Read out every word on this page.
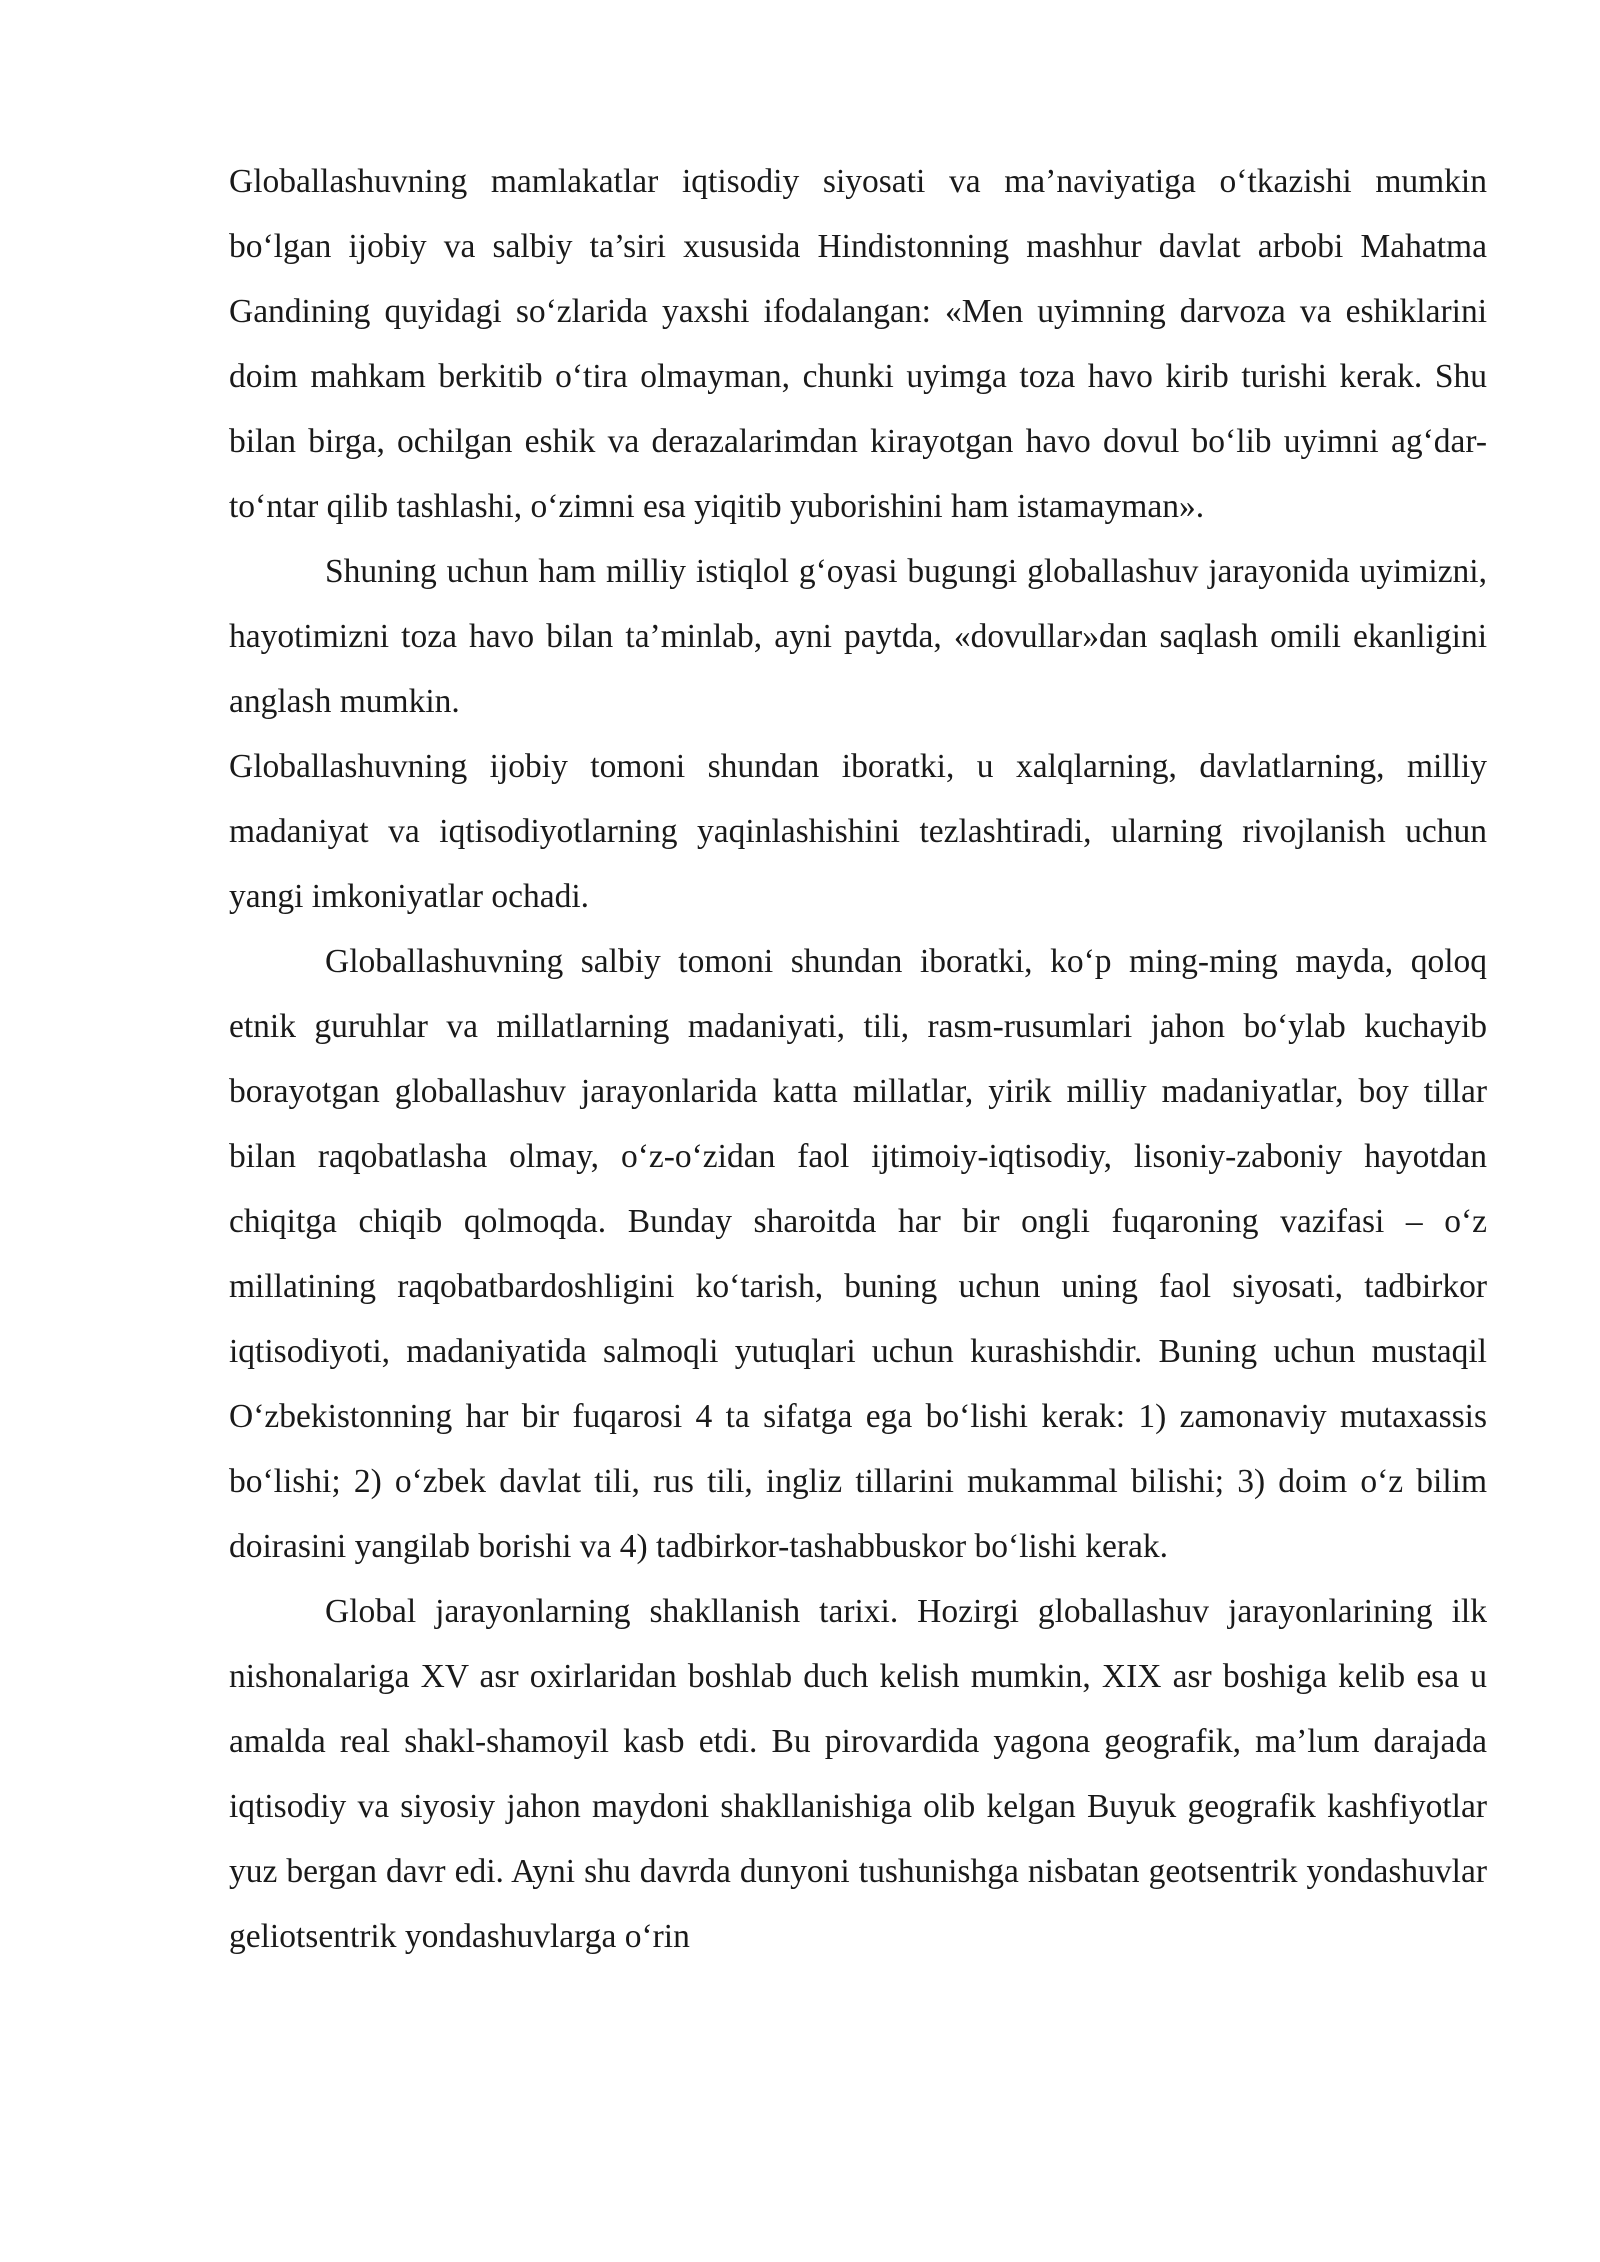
Globallashuvning mamlakatlar iqtisodiy siyosati va ma’naviyatiga o‘tkazishi mumkin bo‘lgan ijobiy va salbiy ta’siri xususida Hindistonning mashhur davlat arbobi Mahatma Gandining quyidagi so‘zlarida yaxshi ifodalangan: «Men uyimning darvoza va eshiklarini doim mahkam berkitib o‘tira olmayman, chunki uyimga toza havo kirib turishi kerak. Shu bilan birga, ochilgan eshik va derazalarimdan kirayotgan havo dovul bo‘lib uyimni ag‘dar-to‘ntar qilib tashlashi, o‘zimni esa yiqitib yuborishini ham istamayman».

Shuning uchun ham milliy istiqlol g‘oyasi bugungi globallashuv jarayonida uyimizni, hayotimizni toza havo bilan ta’minlab, ayni paytda, «dovullar»dan saqlash omili ekanligini anglash mumkin.

Globallashuvning ijobiy tomoni shundan iboratki, u xalqlarning, davlatlarning, milliy madaniyat va iqtisodiyotlarning yaqinlashishini tezlashtiradi, ularning rivojlanish uchun yangi imkoniyatlar ochadi.

Globallashuvning salbiy tomoni shundan iboratki, ko‘p ming-ming mayda, qoloq etnik guruhlar va millatlarning madaniyati, tili, rasm-rusumlari jahon bo‘ylab kuchayib borayotgan globallashuv jarayonlarida katta millatlar, yirik milliy madaniyatlar, boy tillar bilan raqobatlasha olmay, o‘z-o‘zidan faol ijtimoiy-iqtisodiy, lisoniy-zaboniy hayotdan chiqitga chiqib qolmoqda. Bunday sharoitda har bir ongli fuqaroning vazifasi – o‘z millatining raqobatbardoshligini ko‘tarish, buning uchun uning faol siyosati, tadbirkor iqtisodiyoti, madaniyatida salmoqli yutuqlari uchun kurashishdir. Buning uchun mustaqil O‘zbekistonning har bir fuqarosi 4 ta sifatga ega bo‘lishi kerak: 1) zamonaviy mutaxassis bo‘lishi; 2) o‘zbek davlat tili, rus tili, ingliz tillarini mukammal bilishi; 3) doim o‘z bilim doirasini yangilab borishi va 4) tadbirkor-tashabbuskor bo‘lishi kerak.

Global jarayonlarning shakllanish tarixi. Hozirgi globallashuv jarayonlarining ilk nishonalariga XV asr oxirlaridan boshlab duch kelish mumkin, XIX asr boshiga kelib esa u amalda real shakl-shamoyil kasb etdi. Bu pirovardida yagona geografik, ma’lum darajada iqtisodiy va siyosiy jahon maydoni shakllanishiga olib kelgan Buyuk geografik kashfiyotlar yuz bergan davr edi. Ayni shu davrda dunyoni tushunishga nisbatan geotsentrik yondashuvlar geliotsentrik yondashuvlarga o‘rin
